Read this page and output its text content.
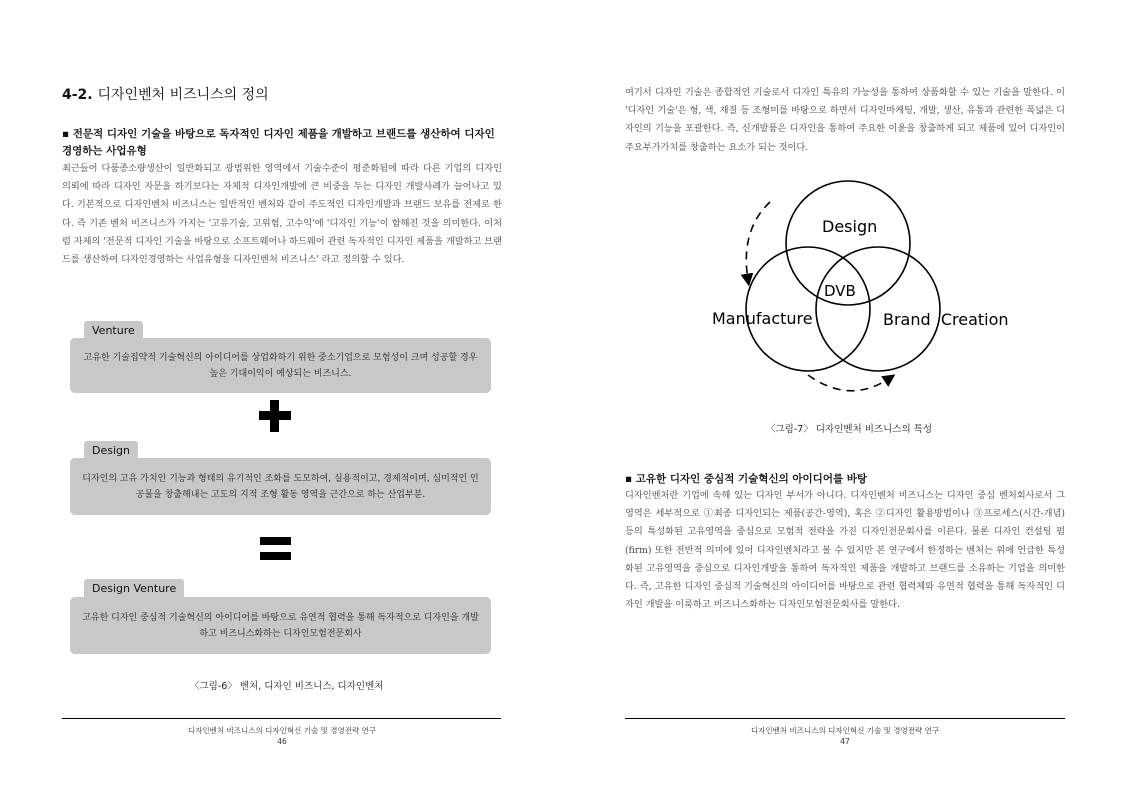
4-2. 디자인벤처 비즈니스의 정의

▪ 전문적 디자인 기술을 바탕으로 독자적인 디자인 제품을 개발하고 브랜드를 생산하여 디자인 경영하는 사업유형

최근들어 다품종소량생산이 일반화되고 광범위한 영역에서 기술수준이 평준화됨에 따라 다른 기업의 디자인 의뢰에 따라 디자인 자문을 하기보다는 자체적 디자인개발에 큰 비중을 두는 디자인 개발사례가 늘어나고 있다. 기본적으로 디자인벤처 비즈니스는 일반적인 벤처와 같이 주도적인 디자인개발과 브랜드 보유를 전제로 한다. 즉 기존 벤처 비즈니스가 가지는 '고유기술, 고위험, 고수익'에 '디자인 기능'이 함해진 것을 의미한다. 이처럼 자체의 '전문적 디자인 기술을 바탕으로 소프트웨어나 하드웨어 관련 독자적인 디자인 제품을 개발하고 브랜드를 생산하여 디자인경영하는 사업유형을 디자인벤처 비즈니스' 라고 정의할 수 있다.

Venture
고유한 기술집약적 기술혁신의 아이디어를 상업화하기 위한 중소기업으로 모험성이 크며 성공할 경우 높은 기대이익이 예상되는 비즈니스.
Design
디자인의 고유 가치인 기능과 형태의 유기적인 조화를 도모하여, 실용적이고, 경제적이며, 심미적인 인공물을 창출해내는 고도의 지적 조형 활동 영역을 근간으로 하는 산업부분.
Design Venture
고유한 디자인 중심적 기술혁신의 아이디어를 바탕으로 유연적 협력을 통해 독자적으로 디자인을 개발하고 비즈니스화하는 디자인모험전문회사
〈그림-6〉 벤처, 디자인 비즈니스, 디자인벤처
디자인벤처 비즈니스의 디자인혁신 기술 및 경영전략 연구
46

여기서 디자인 기술은 종합적인 기술로서 디자인 특유의 가능성을 통하여 상품화할 수 있는 기술을 말한다. 이 '디자인 기술'은 형, 색, 재질 등 조형미를 바탕으로 하면서 디자인마케팅, 개발, 생산, 유통과 관련한 폭넓은 디자인의 기능을 포괄한다. 즉, 신개발품은 디자인을 통하여 주요한 이윤을 창출하게 되고 제품에 있어 디자인이 주요부가가치를 창출하는 요소가 되는 것이다.

Design
DVB
Manufacture	Brand  Creation
〈그림-7〉 디자인벤처 비즈니스의 특성

▪ 고유한 디자인 중심적 기술혁신의 아이디어를 바탕

디자인벤처란 기업에 속해 있는 디자인 부서가 아니다. 디자인벤처 비즈니스는 디자인 중심 벤처회사로서 그 영역은 세부적으로 ①최종 디자인되는 제품(공간-영역), 혹은 ②디자인 활용방법이나 ③프로세스(시간-개념) 등의 특성화된 고유영역을 중심으로 모험적 전략을 가진 디자인전문회사를 이른다. 물론 디자인 컨설팅 펌(firm) 또한 전반적 의미에 있어 디자인벤처라고 볼 수 있지만 본 연구에서 한정하는 벤처는 위에 언급한 특성화된 고유영역을 중심으로 디자인개발을 통하여 독자적인 제품을 개발하고 브랜드를 소유하는 기업을 의미한다. 즉, 고유한 디자인 중심적 기술혁신의 아이디어를 바탕으로 관련 협력체와 유연적 협력을 통해 독자적인 디자인 개발을 이룩하고 비즈니스화하는 디자인모험전문회사를 말한다.

디자인벤처 비즈니스의 디자인혁신 기술 및 경영전략 연구
47
